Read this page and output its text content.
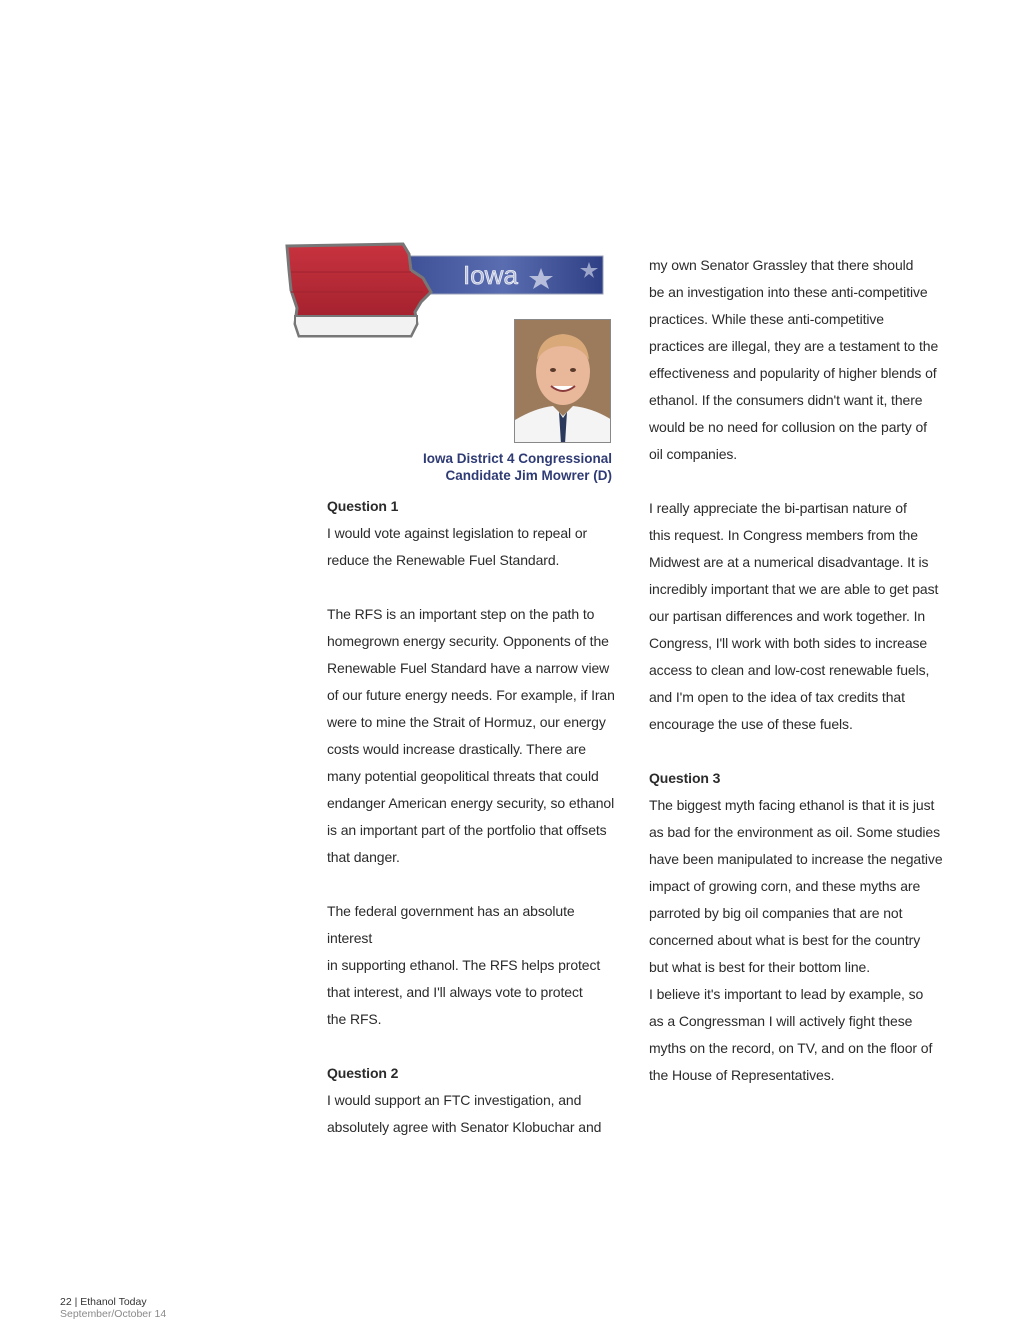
Iowa
Iowa District 4 Congressional
Candidate Jim Mowrer (D)

Question 1

I would vote against legislation to repeal or

reduce the Renewable Fuel Standard.

The RFS is an important step on the path to

homegrown energy security. Opponents of the

Renewable Fuel Standard have a narrow view

of our future energy needs. For example, if Iran

were to mine the Strait of Hormuz, our energy

costs would increase drastically. There are

many potential geopolitical threats that could

endanger American energy security, so ethanol

is an important part of the portfolio that offsets

that danger.

The federal government has an absolute interest

in supporting ethanol. The RFS helps protect

that interest, and I'll always vote to protect

the RFS.

Question 2

I would support an FTC investigation, and

absolutely agree with Senator Klobuchar and

my own Senator Grassley that there should

be an investigation into these anti-competitive

practices. While these anti-competitive

practices are illegal, they are a testament to the

effectiveness and popularity of higher blends of

ethanol. If the consumers didn't want it, there

would be no need for collusion on the party of

oil companies.

I really appreciate the bi-partisan nature of

this request. In Congress members from the

Midwest are at a numerical disadvantage. It is

incredibly important that we are able to get past

our partisan differences and work together. In

Congress, I'll work with both sides to increase

access to clean and low-cost renewable fuels,

and I'm open to the idea of tax credits that

encourage the use of these fuels.

Question 3

The biggest myth facing ethanol is that it is just

as bad for the environment as oil. Some studies

have been manipulated to increase the negative

impact of growing corn, and these myths are

parroted by big oil companies that are not

concerned about what is best for the country

but what is best for their bottom line.

I believe it's important to lead by example, so

as a Congressman I will actively fight these

myths on the record, on TV, and on the floor of

the House of Representatives.

22 | Ethanol Today
September/October 14
